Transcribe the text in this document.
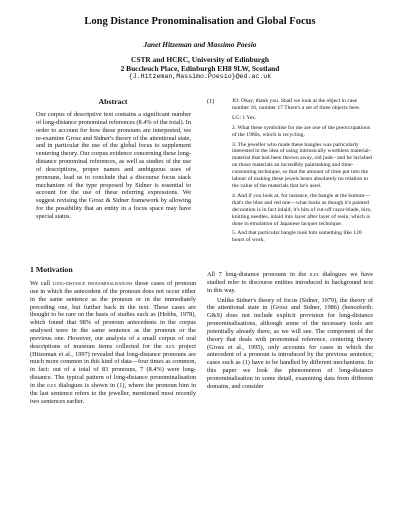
Long Distance Pronominalisation and Global Focus
Janet Hitzeman and Massimo Poesio
CSTR and HCRC, University of Edinburgh
2 Buccleuch Place, Edinburgh EH8 9LW, Scotland
{J.Hitzeman,Massimo.Poesio}@ed.ac.uk
Abstract

Our corpus of descriptive text contains a significant number of long-distance pronominal references (8.4% of the total). In order to account for how these pronouns are interpreted, we re-examine Grosz and Sidner's theory of the attentional state, and in particular the use of the global focus to supplement centering theory. Our corpus evidence concerning these long-distance pronominal references, as well as studies of the use of descriptions, proper names and ambiguous uses of pronouns, lead us to conclude that a discourse focus stack mechanism of the type proposed by Sidner is essential to account for the use of these referring expressions. We suggest revising the Grosz & Sidner framework by allowing for the possibility that an entity in a focus space may have special status.

1 Motivation

We call long-distance pronominalisations those cases of pronoun use in which the antecedent of the pronoun does not occur either in the same sentence as the pronoun or in the immediately preceding one, but further back in the text. These cases are thought to be rare on the basis of studies such as (Hobbs, 1978), which found that 98% of pronoun antecedents in the corpus analysed were in the same sentence as the pronoun or the previous one. However, our analysis of a small corpus of oral descriptions of museum items collected for the ilex project (Hitzeman et al., 1997) revealed that long-distance pronouns are much more common in this kind of data—four times as common, in fact: out of a total of 83 pronouns, 7 (8.4%) were long-distance. The typical pattern of long-distance pronominalisation in the ilex dialogues is shown in (1), where the pronoun him in the last sentence refers to the jeweller, mentioned most recently two sentences earlier.

(1)	JO: Okay, thank you. Shall we look at the object in case number 16, number 17 There's a set of three objects here.

LG: 1 Yes.

2. What these symbolise for me are one of the preoccupations of the 1980s, which is recycling.

3. The jeweller who made these bangles was particularly interested in the idea of using intrinsically worthless material– material that had been thrown away, old junk– and he lavished on those materials an incredibly painstaking and time-consuming technique, so that the amount of time put into the labour of making these jewels bears absolutely no relation to the value of the materials that he's used.

4. And if you look at, for instance, the bangle at the bottom—that's the blue and red one—what looks as though it's painted decoration is in fact inlaid; it's bits of cut-off razor-blade, biro, knitting needles, inlaid into layer after layer of resin, which is done in emulation of Japanese lacquer technique.

5. And that particular bangle took him something like 120 hours of work.

All 7 long-distance pronouns in the ilex dialogues we have studied refer to discourse entities introduced in background text in this way.

Unlike Sidner's theory of focus (Sidner, 1979), the theory of the attentional state in (Grosz and Sidner, 1986) (henceforth: G&S) does not include explicit provision for long-distance pronominalisations, although some of the necessary tools are potentially already there, as we will see. The component of the theory that deals with pronominal reference, centering theory (Grosz et al., 1995), only accounts for cases in which the antecedent of a pronoun is introduced by the previous sentence; cases such as (1) have to be handled by different mechanisms. In this paper we look the phenomenon of long-distance pronominalisation in some detail, examining data from different domains, and consider
